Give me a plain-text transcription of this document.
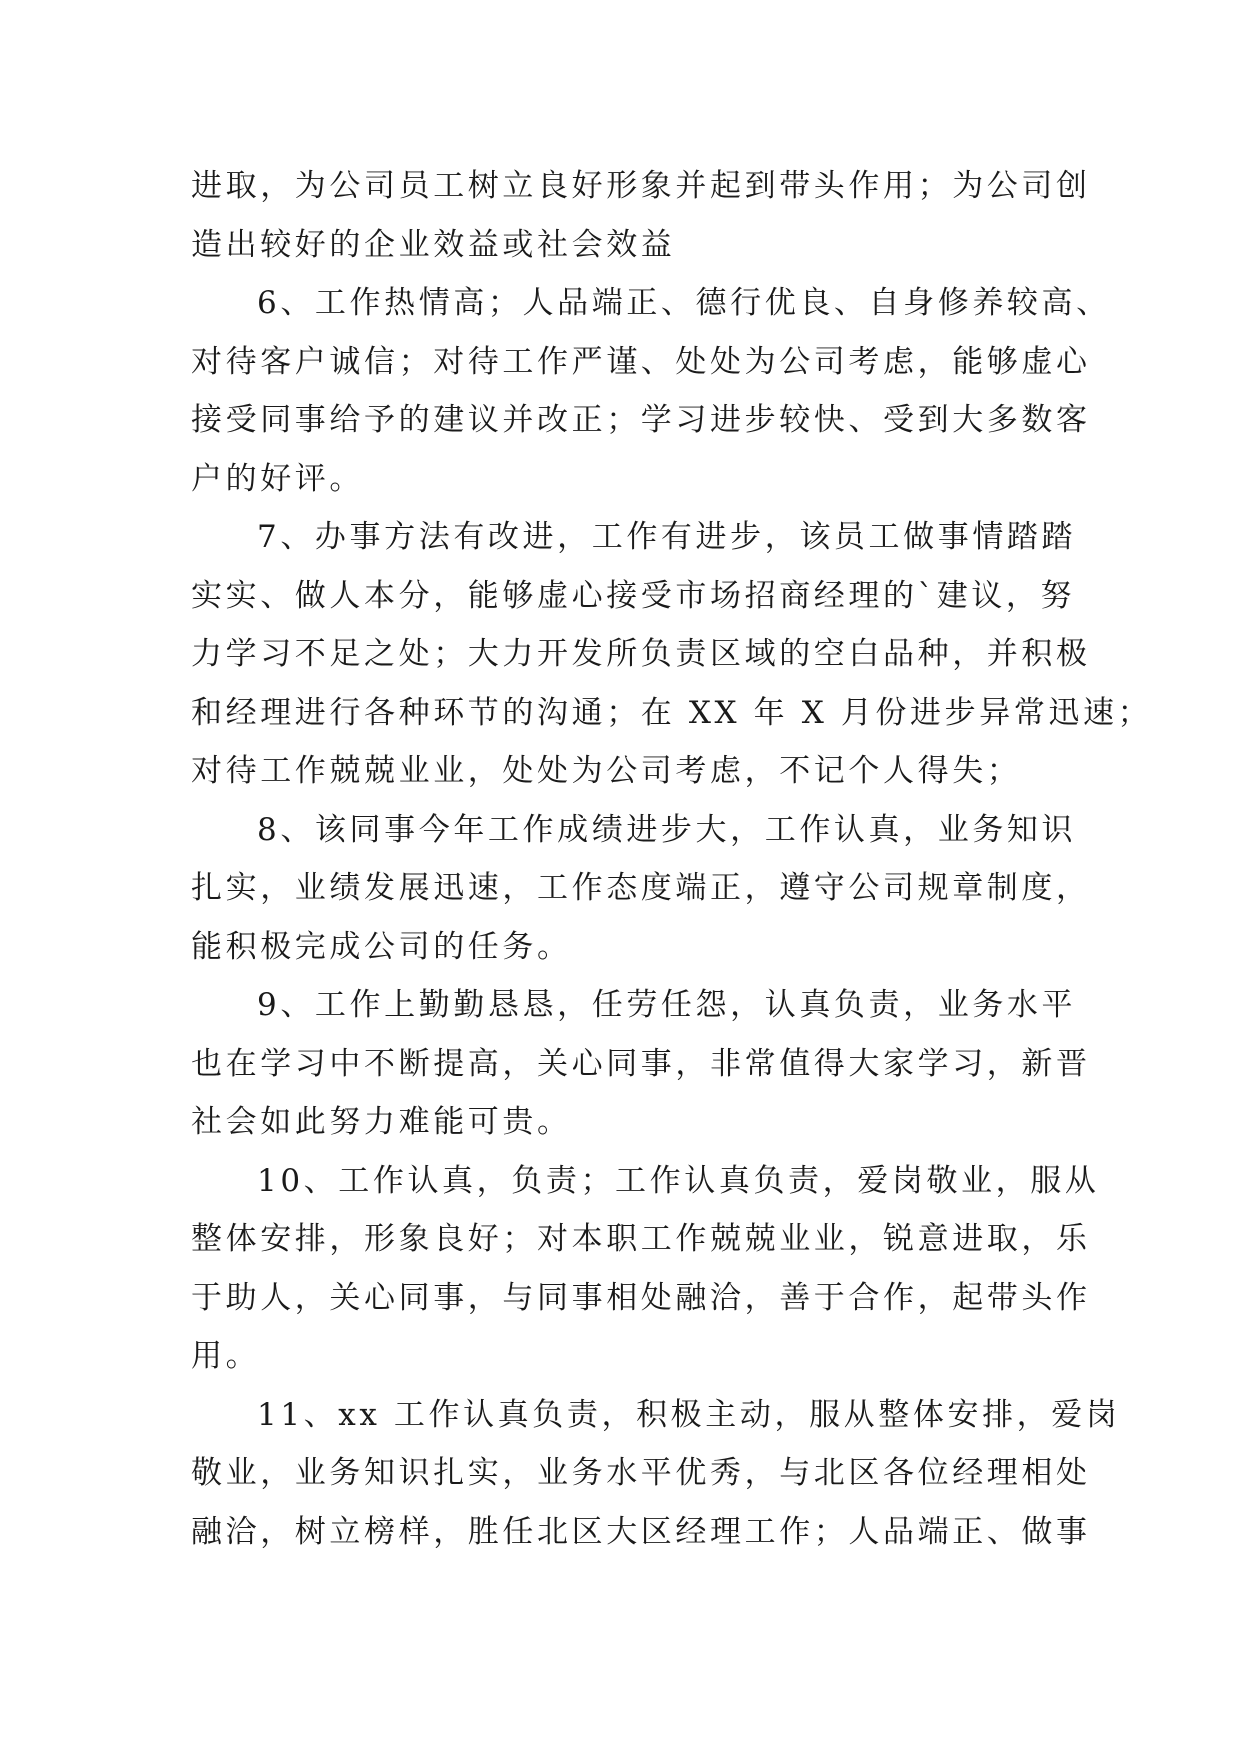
进取，为公司员工树立良好形象并起到带头作用；为公司创
造出较好的企业效益或社会效益

6、工作热情高；人品端正、德行优良、自身修养较高、
对待客户诚信；对待工作严谨、处处为公司考虑，能够虚心
接受同事给予的建议并改正；学习进步较快、受到大多数客
户的好评。

7、办事方法有改进，工作有进步，该员工做事情踏踏
实实、做人本分，能够虚心接受市场招商经理的`建议，努
力学习不足之处；大力开发所负责区域的空白品种，并积极
和经理进行各种环节的沟通；在 XX 年 X 月份进步异常迅速；
对待工作兢兢业业，处处为公司考虑，不记个人得失；

8、该同事今年工作成绩进步大，工作认真，业务知识
扎实，业绩发展迅速，工作态度端正，遵守公司规章制度，
能积极完成公司的任务。

9、工作上勤勤恳恳，任劳任怨，认真负责，业务水平
也在学习中不断提高，关心同事，非常值得大家学习，新晋
社会如此努力难能可贵。

10、工作认真，负责；工作认真负责，爱岗敬业，服从
整体安排，形象良好；对本职工作兢兢业业，锐意进取，乐
于助人，关心同事，与同事相处融洽，善于合作，起带头作
用。

11、xx 工作认真负责，积极主动，服从整体安排，爱岗
敬业，业务知识扎实，业务水平优秀，与北区各位经理相处
融洽，树立榜样，胜任北区大区经理工作；人品端正、做事
